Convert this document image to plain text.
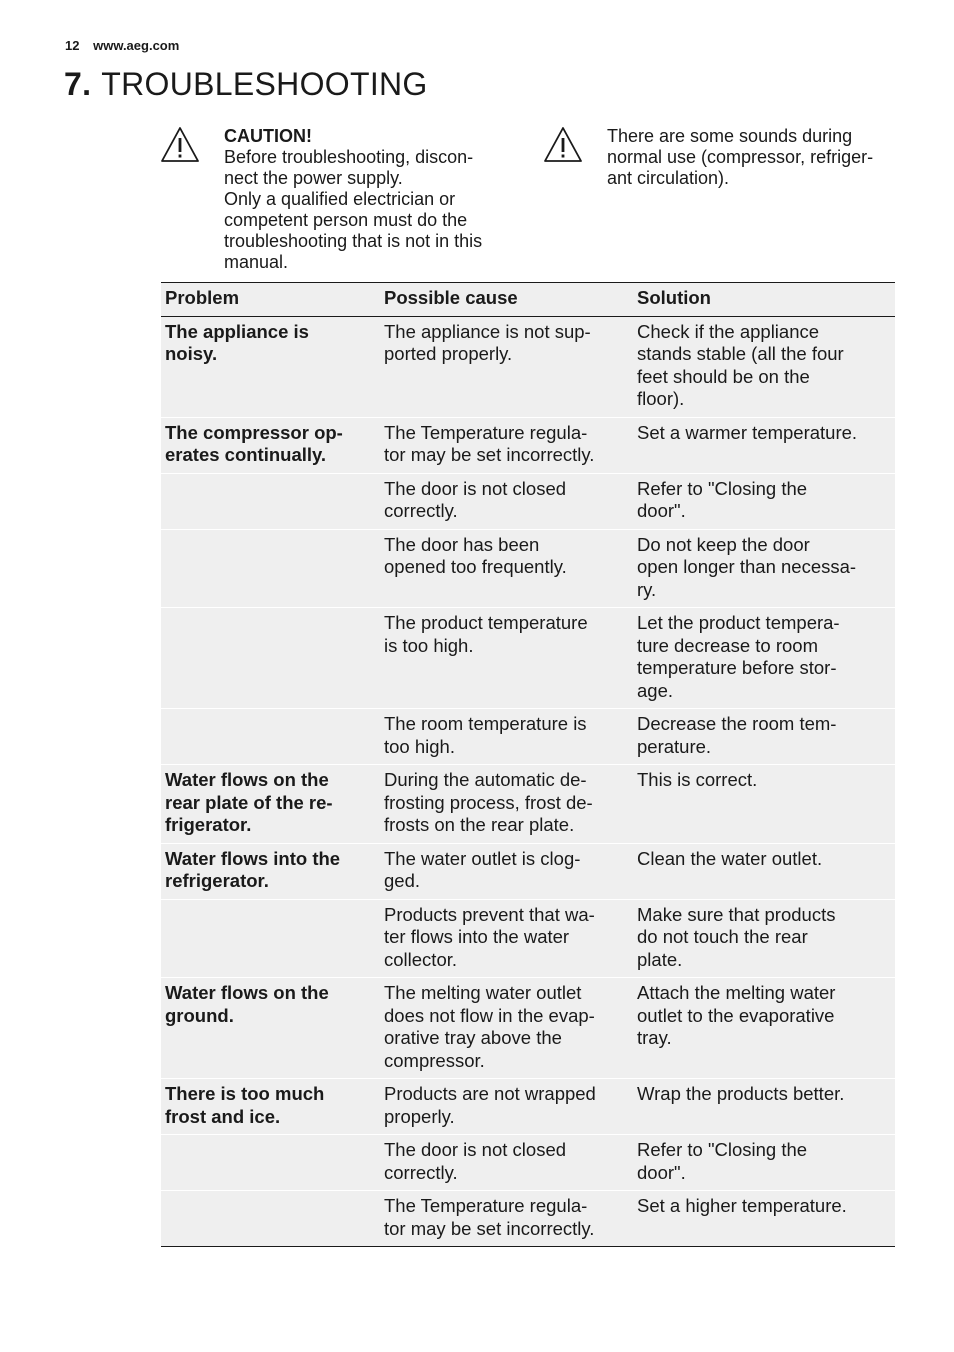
12 www.aeg.com
7. TROUBLESHOOTING
CAUTION!
Before troubleshooting, discon-
nect the power supply.
Only a qualified electrician or
competent person must do the
troubleshooting that is not in this
manual.
There are some sounds during
normal use (compressor, refriger-
ant circulation).
Problem	Possible cause	Solution
The appliance is
noisy.	The appliance is not sup-
ported properly.	Check if the appliance
stands stable (all the four
feet should be on the
floor).
The compressor op-
erates continually.	The Temperature regula-
tor may be set incorrectly.	Set a warmer temperature.
	The door is not closed
correctly.	Refer to "Closing the
door".
	The door has been
opened too frequently.	Do not keep the door
open longer than necessa-
ry.
	The product temperature
is too high.	Let the product tempera-
ture decrease to room
temperature before stor-
age.
	The room temperature is
too high.	Decrease the room tem-
perature.
Water flows on the
rear plate of the re-
frigerator.	During the automatic de-
frosting process, frost de-
frosts on the rear plate.	This is correct.
Water flows into the
refrigerator.	The water outlet is clog-
ged.	Clean the water outlet.
	Products prevent that wa-
ter flows into the water
collector.	Make sure that products
do not touch the rear
plate.
Water flows on the
ground.	The melting water outlet
does not flow in the evap-
orative tray above the
compressor.	Attach the melting water
outlet to the evaporative
tray.
There is too much
frost and ice.	Products are not wrapped
properly.	Wrap the products better.
	The door is not closed
correctly.	Refer to "Closing the
door".
	The Temperature regula-
tor may be set incorrectly.	Set a higher temperature.
